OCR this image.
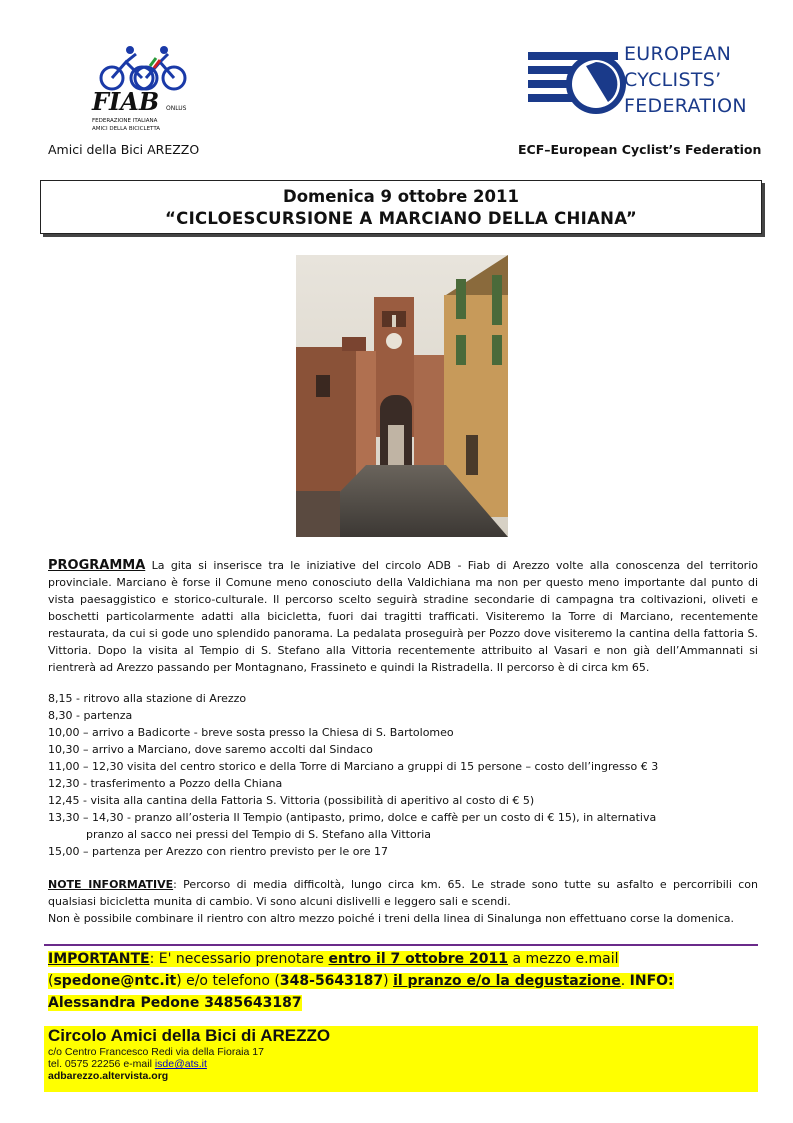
FIAB ONLUS
FEDERAZIONE ITALIANA
AMICI DELLA BICICLETTA
EUROPEAN
CYCLISTS’
FEDERATION
Amici della Bici AREZZO	ECF–European Cyclist’s Federation
Domenica 9 ottobre 2011
“CICLOESCURSIONE A MARCIANO DELLA CHIANA”
PROGRAMMA La gita si inserisce tra le iniziative del circolo ADB - Fiab di Arezzo volte alla conoscenza del territorio provinciale. Marciano è forse il Comune meno conosciuto della Valdichiana ma non per questo meno importante dal punto di vista paesaggistico e storico-culturale. Il percorso scelto seguirà stradine secondarie di campagna tra coltivazioni, oliveti e boschetti particolarmente adatti alla bicicletta, fuori dai tragitti trafficati. Visiteremo la Torre di Marciano, recentemente restaurata, da cui si gode uno splendido panorama. La pedalata proseguirà per Pozzo dove visiteremo la cantina della fattoria S. Vittoria. Dopo la visita al Tempio di S. Stefano alla Vittoria recentemente attribuito al Vasari e non già dell’Ammannati si rientrerà ad Arezzo passando per Montagnano, Frassineto e quindi la Ristradella. Il percorso è di circa km 65.
8,15 - ritrovo alla stazione di Arezzo
8,30 - partenza
10,00 – arrivo a Badicorte - breve sosta presso la Chiesa di S. Bartolomeo
10,30 – arrivo a Marciano, dove saremo accolti dal Sindaco
11,00 – 12,30 visita del centro storico e della Torre di Marciano a gruppi di 15 persone – costo dell’ingresso € 3
12,30 - trasferimento a Pozzo della Chiana
12,45 - visita alla cantina della Fattoria S. Vittoria (possibilità di aperitivo al costo di € 5)
13,30 – 14,30 - pranzo all’osteria Il Tempio (antipasto, primo, dolce e caffè per un costo di € 15), in alternativa
pranzo al sacco nei pressi del Tempio di S. Stefano alla Vittoria
15,00 – partenza per Arezzo con rientro previsto per le ore 17
NOTE INFORMATIVE: Percorso di media difficoltà, lungo circa km. 65. Le strade sono tutte su asfalto e percorribili con qualsiasi bicicletta munita di cambio. Vi sono alcuni dislivelli e leggero sali e scendi.
Non è possibile combinare il rientro con altro mezzo poiché i treni della linea di Sinalunga non effettuano corse la domenica.
IMPORTANTE: E' necessario prenotare entro il 7 ottobre 2011 a mezzo e.mail (spedone@ntc.it) e/o telefono (348-5643187) il pranzo e/o la degustazione. INFO: Alessandra Pedone 3485643187
Circolo Amici della Bici di AREZZO
c/o Centro Francesco Redi via della Fioraia 17
tel. 0575 22256 e-mail isde@ats.it
adbarezzo.altervista.org
